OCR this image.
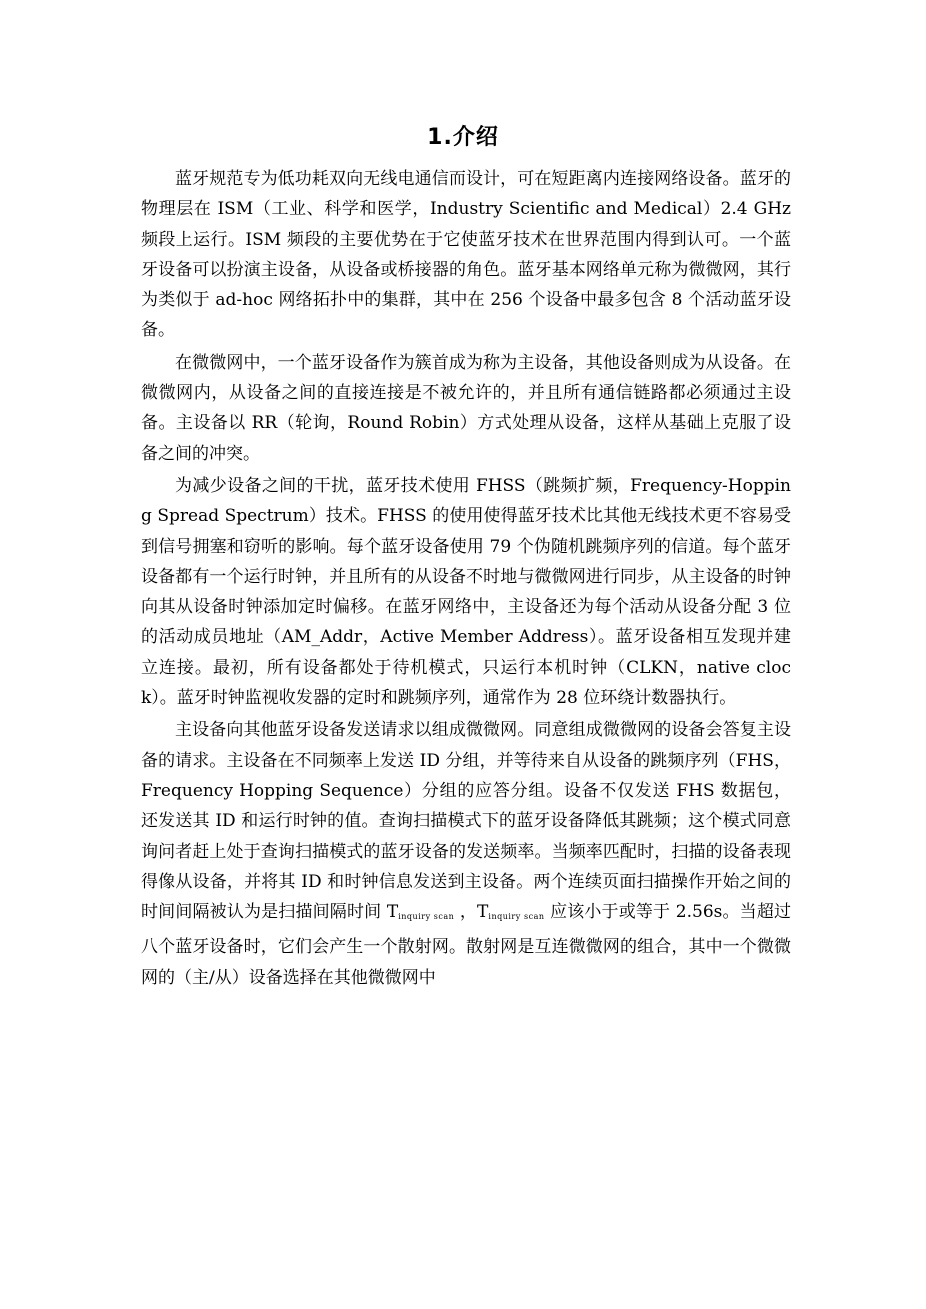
1.介绍

蓝牙规范专为低功耗双向无线电通信而设计，可在短距离内连接网络设备。蓝牙的物理层在 ISM（工业、科学和医学，Industry Scientific and Medical）2.4 GHz 频段上运行。ISM 频段的主要优势在于它使蓝牙技术在世界范围内得到认可。一个蓝牙设备可以扮演主设备，从设备或桥接器的角色。蓝牙基本网络单元称为微微网，其行为类似于 ad-hoc 网络拓扑中的集群，其中在 256 个设备中最多包含 8 个活动蓝牙设备。

在微微网中，一个蓝牙设备作为簇首成为称为主设备，其他设备则成为从设备。在微微网内，从设备之间的直接连接是不被允许的，并且所有通信链路都必须通过主设备。主设备以 RR（轮询，Round Robin）方式处理从设备，这样从基础上克服了设备之间的冲突。

为减少设备之间的干扰，蓝牙技术使用 FHSS（跳频扩频，Frequency-Hopping Spread Spectrum）技术。FHSS 的使用使得蓝牙技术比其他无线技术更不容易受到信号拥塞和窃听的影响。每个蓝牙设备使用 79 个伪随机跳频序列的信道。每个蓝牙设备都有一个运行时钟，并且所有的从设备不时地与微微网进行同步，从主设备的时钟向其从设备时钟添加定时偏移。在蓝牙网络中，主设备还为每个活动从设备分配 3 位的活动成员地址（AM_Addr，Active Member Address）。蓝牙设备相互发现并建立连接。最初，所有设备都处于待机模式，只运行本机时钟（CLKN，native clock）。蓝牙时钟监视收发器的定时和跳频序列，通常作为 28 位环绕计数器执行。

主设备向其他蓝牙设备发送请求以组成微微网。同意组成微微网的设备会答复主设备的请求。主设备在不同频率上发送 ID 分组，并等待来自从设备的跳频序列（FHS，Frequency Hopping Sequence）分组的应答分组。设备不仅发送 FHS 数据包，还发送其 ID 和运行时钟的值。查询扫描模式下的蓝牙设备降低其跳频；这个模式同意询问者赶上处于查询扫描模式的蓝牙设备的发送频率。当频率匹配时，扫描的设备表现得像从设备，并将其 ID 和时钟信息发送到主设备。两个连续页面扫描操作开始之间的时间间隔被认为是扫描间隔时间 $T_{inquiry scan}$ ，$T_{inquiry scan}$ 应该小于或等于 2.56s。当超过八个蓝牙设备时，它们会产生一个散射网。散射网是互连微微网的组合，其中一个微微网的（主/从）设备选择在其他微微网中
